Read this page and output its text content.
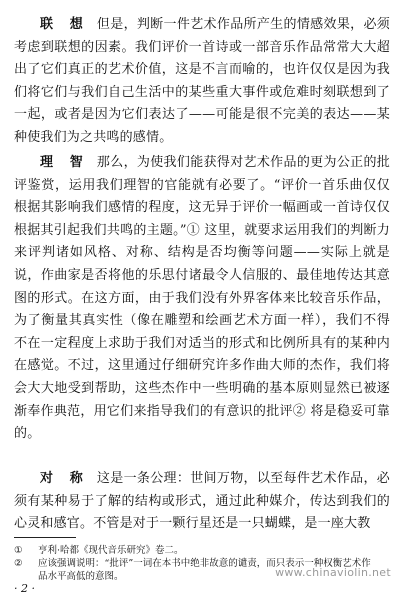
联 想 但是，判断一件艺术作品所产生的情感效果，必须考虑到联想的因素。我们评价一首诗或一部音乐作品常常大大超出了它们真正的艺术价值，这是不言而喻的，也许仅仅是因为我们将它们与我们自己生活中的某些重大事件或危难时刻联想到了一起，或者是因为它们表达了——可能是很不完美的表达——某种使我们为之共鸣的感情。

理 智 那么，为使我们能获得对艺术作品的更为公正的批评鉴赏，运用我们理智的官能就有必要了。“评价一首乐曲仅仅根据其影响我们感情的程度，这无异于评价一幅画或一首诗仅仅根据其引起我们共鸣的主题。”① 这里，就要求运用我们的判断力来评判诸如风格、对称、结构是否均衡等问题——实际上就是说，作曲家是否将他的乐思付诸最令人信服的、最佳地传达其意图的形式。在这方面，由于我们没有外界客体来比较音乐作品，为了衡量其真实性（像在雕塑和绘画艺术方面一样），我们不得不在一定程度上求助于我们对适当的形式和比例所具有的某种内在感觉。不过，这里通过仔细研究许多作曲大师的杰作，我们将会大大地受到帮助，这些杰作中一些明确的基本原则显然已被逐渐奉作典范，用它们来指导我们的有意识的批评② 将是稳妥可靠的。

对 称 这是一条公理：世间万物，以至每件艺术作品，必须有某种易于了解的结构或形式，通过此种媒介，传达到我们的心灵和感官。不管是对于一颗行星还是一只蝴蝶，是一座大教

① 亨利·哈都《现代音乐研究》卷二。

② 应该强调说明：“批评”一词在本书中绝非故意的谴责，而只表示一种权衡艺术作
品水平高低的意图。	www.chinaviolin.net
· 2 ·
